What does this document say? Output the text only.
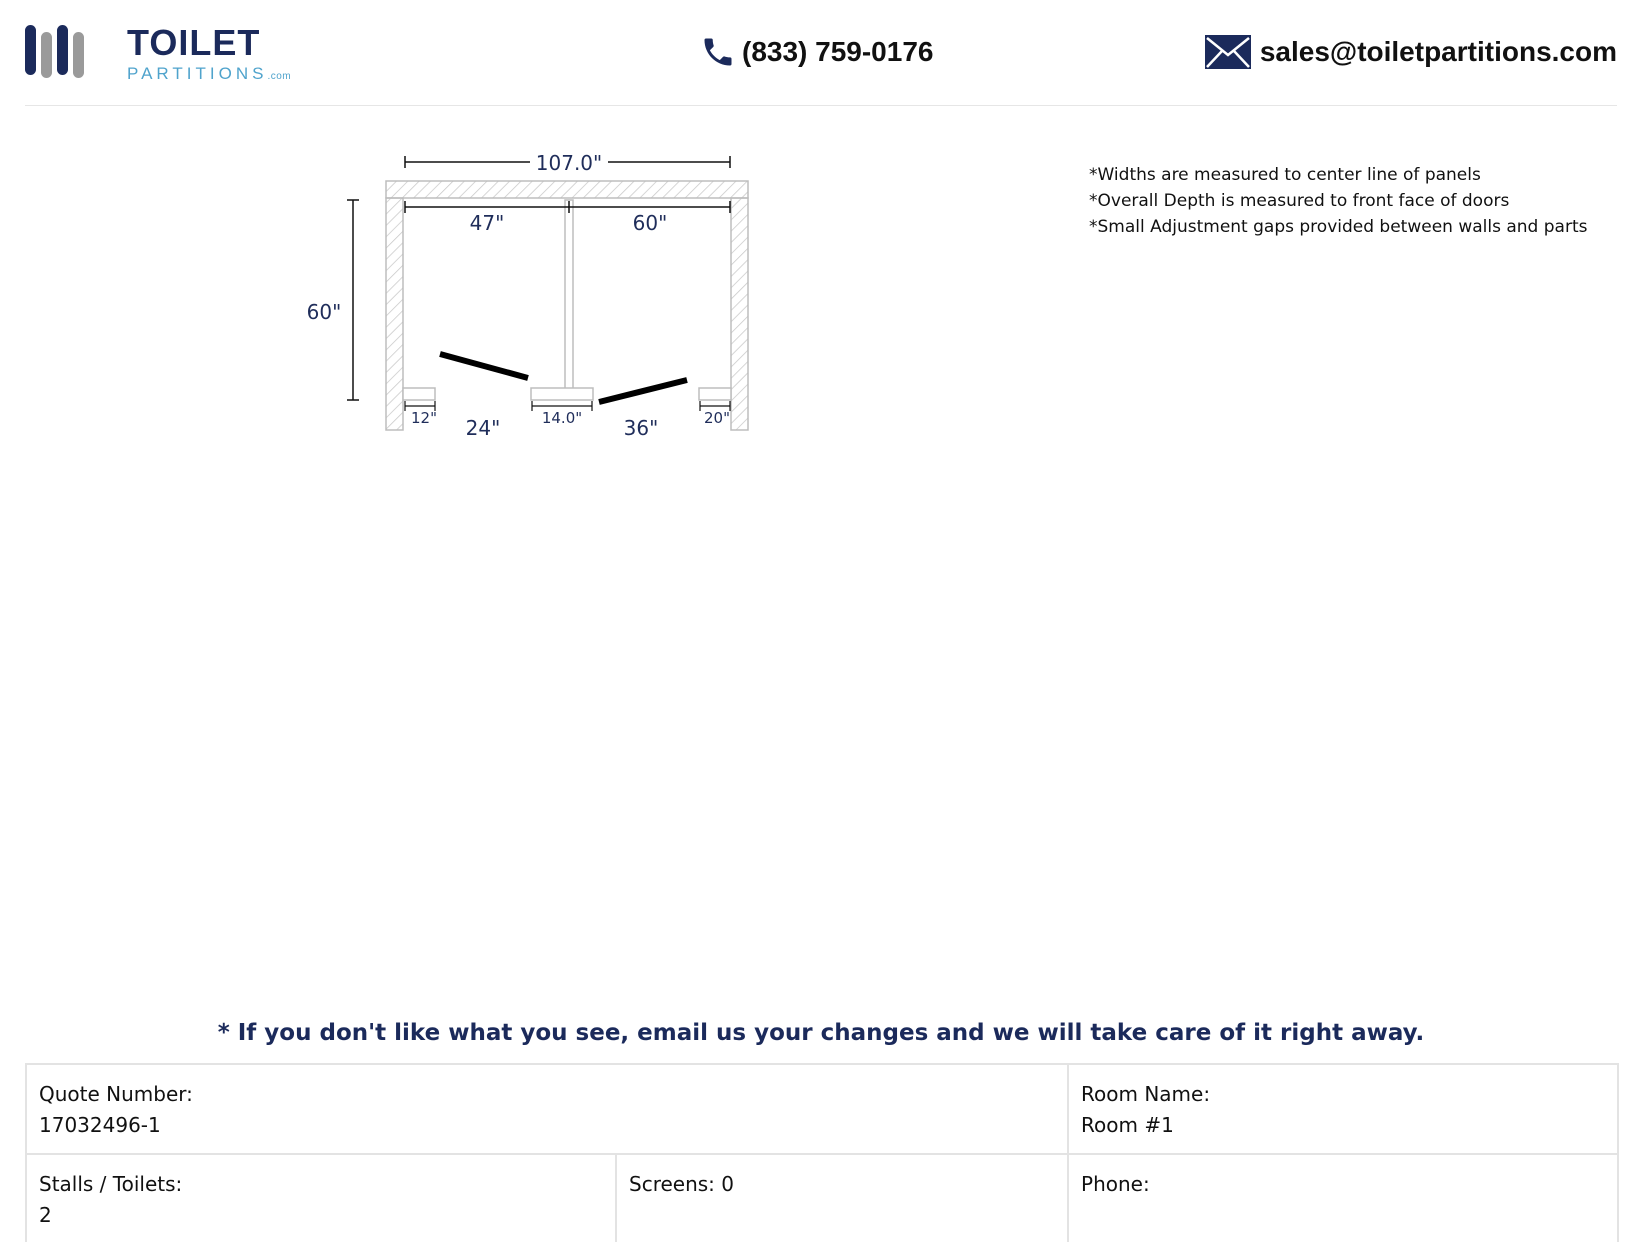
TOILET
PARTITIONS.com
(833) 759-0176	sales@toiletpartitions.com
107.0"
47"	60"
60"
12"	14.0"	20"
24"	36"
*Widths are measured to center line of panels
*Overall Depth is measured to front face of doors
*Small Adjustment gaps provided between walls and parts
* If you don't like what you see, email us your changes and we will take care of it right away.
Quote Number:
17032496-1		Room Name:
Room #1

Stalls / Toilets:
2	Screens: 0	Phone:
